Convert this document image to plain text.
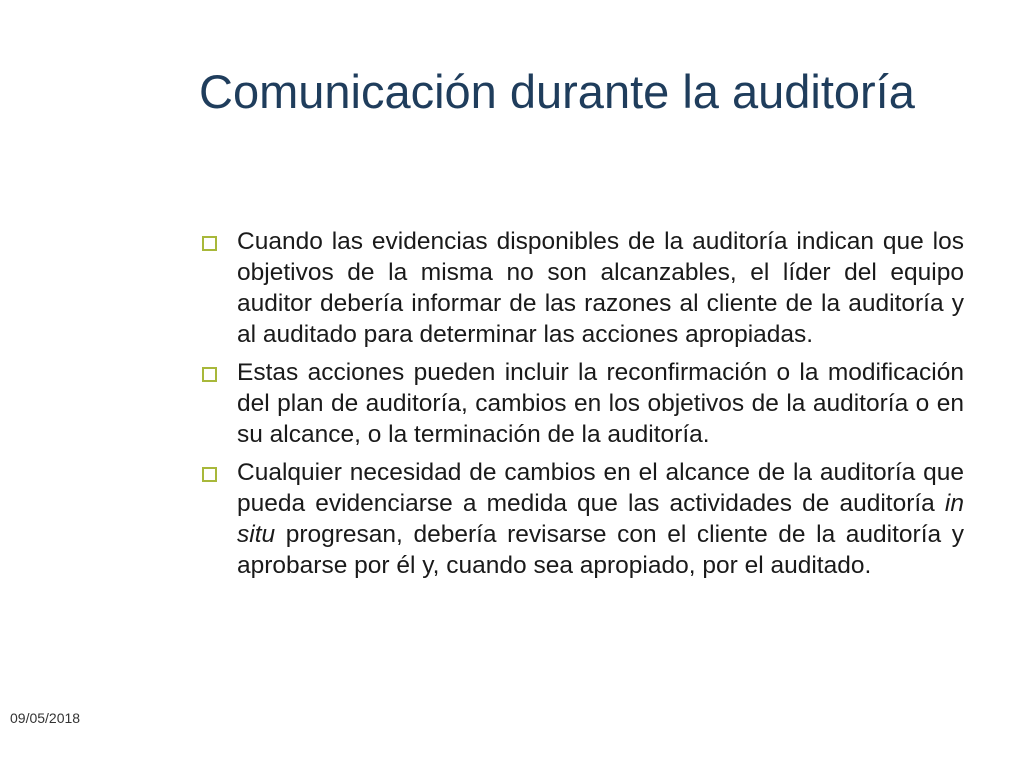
Comunicación durante la auditoría
Cuando las evidencias disponibles de la auditoría indican que los objetivos de la misma no son alcanzables, el líder del equipo auditor debería informar de las razones al cliente de la auditoría y al auditado para determinar las acciones apropiadas.
Estas acciones pueden incluir la reconfirmación o la modificación del plan de auditoría, cambios en los objetivos de la auditoría o en su alcance, o la terminación de la auditoría.
Cualquier necesidad de cambios en el alcance de la auditoría que pueda evidenciarse a medida que las actividades de auditoría in situ progresan, debería revisarse con el cliente de la auditoría y aprobarse por él y, cuando sea apropiado, por el auditado.
09/05/2018
